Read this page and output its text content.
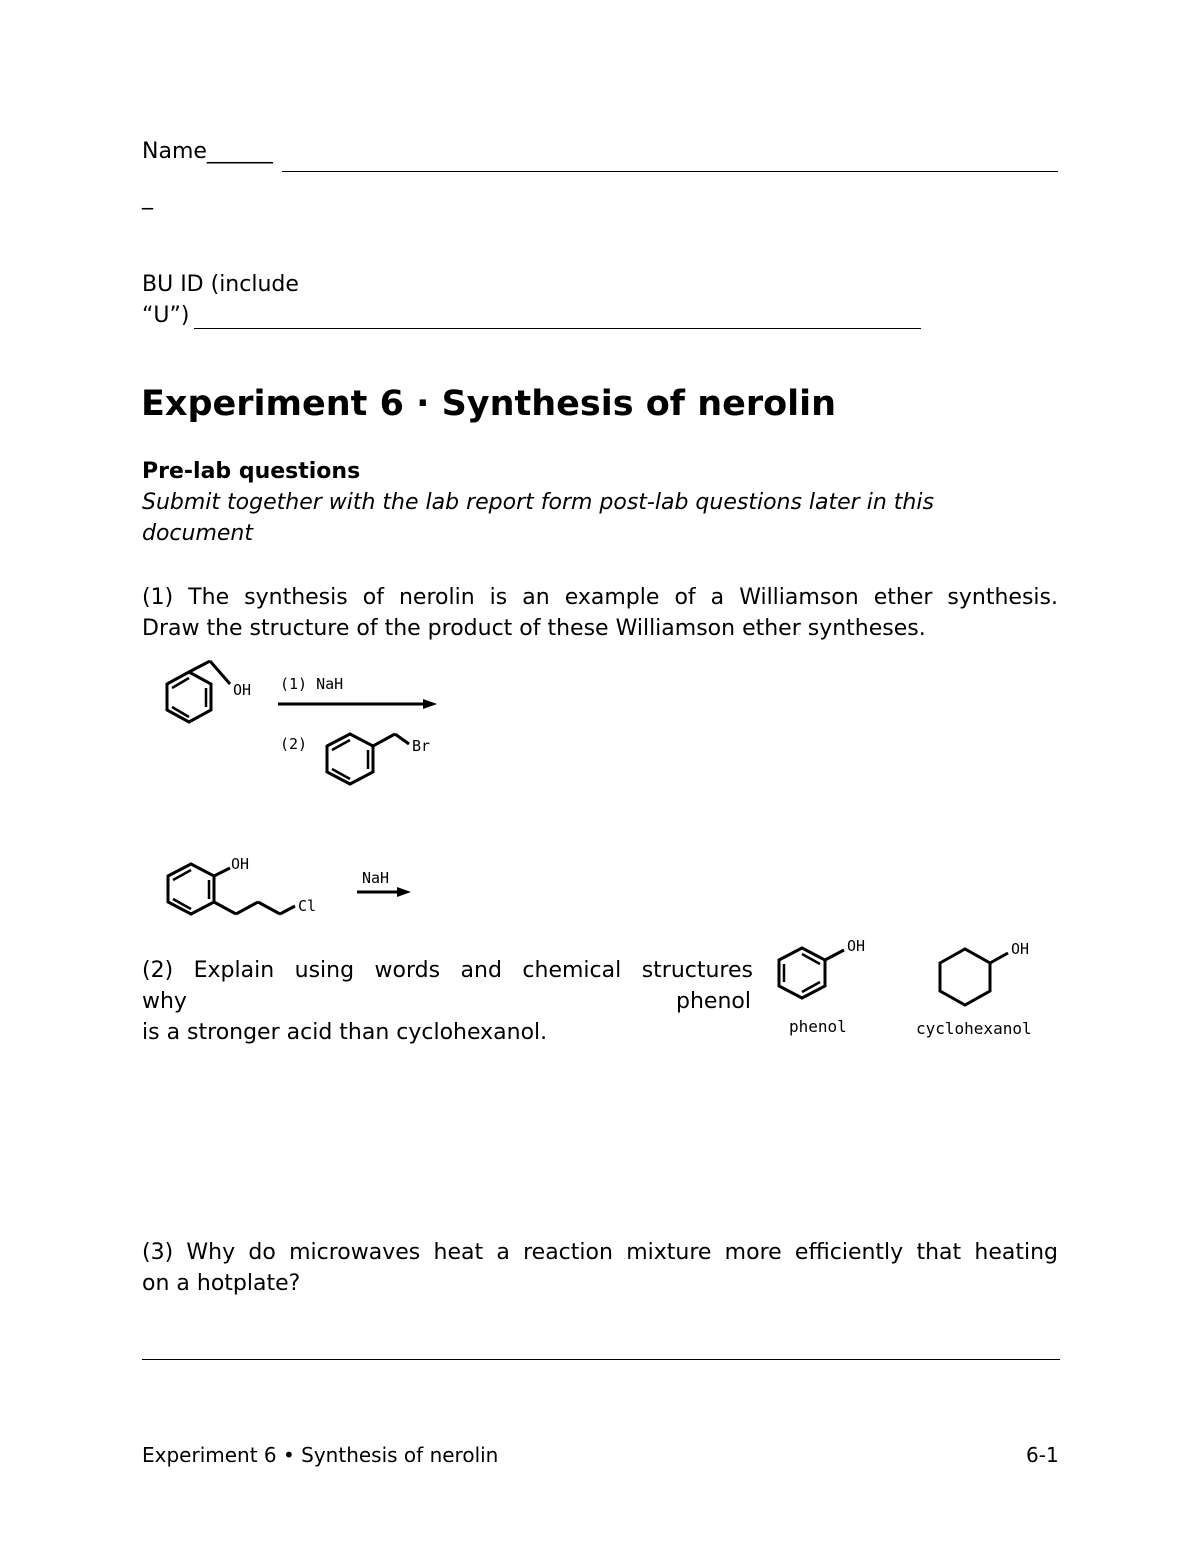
Name______
_
BU ID (include
“U”)
Experiment 6 · Synthesis of nerolin
Pre-lab questions
Submit together with the lab report form post-lab questions later in this
document
(1) The synthesis of nerolin is an example of a Williamson ether synthesis.
Draw the structure of the product of these Williamson ether syntheses.
OH (1) NaH
(2)	Br
OH
Cl
NaH
(2) Explain using words and chemical structures
why	phenol
is a stronger acid than cyclohexanol.
OH
phenol
OH
cyclohexanol
(3) Why do microwaves heat a reaction mixture more efficiently that heating
on a hotplate?
Experiment 6 • Synthesis of nerolin	6-1
